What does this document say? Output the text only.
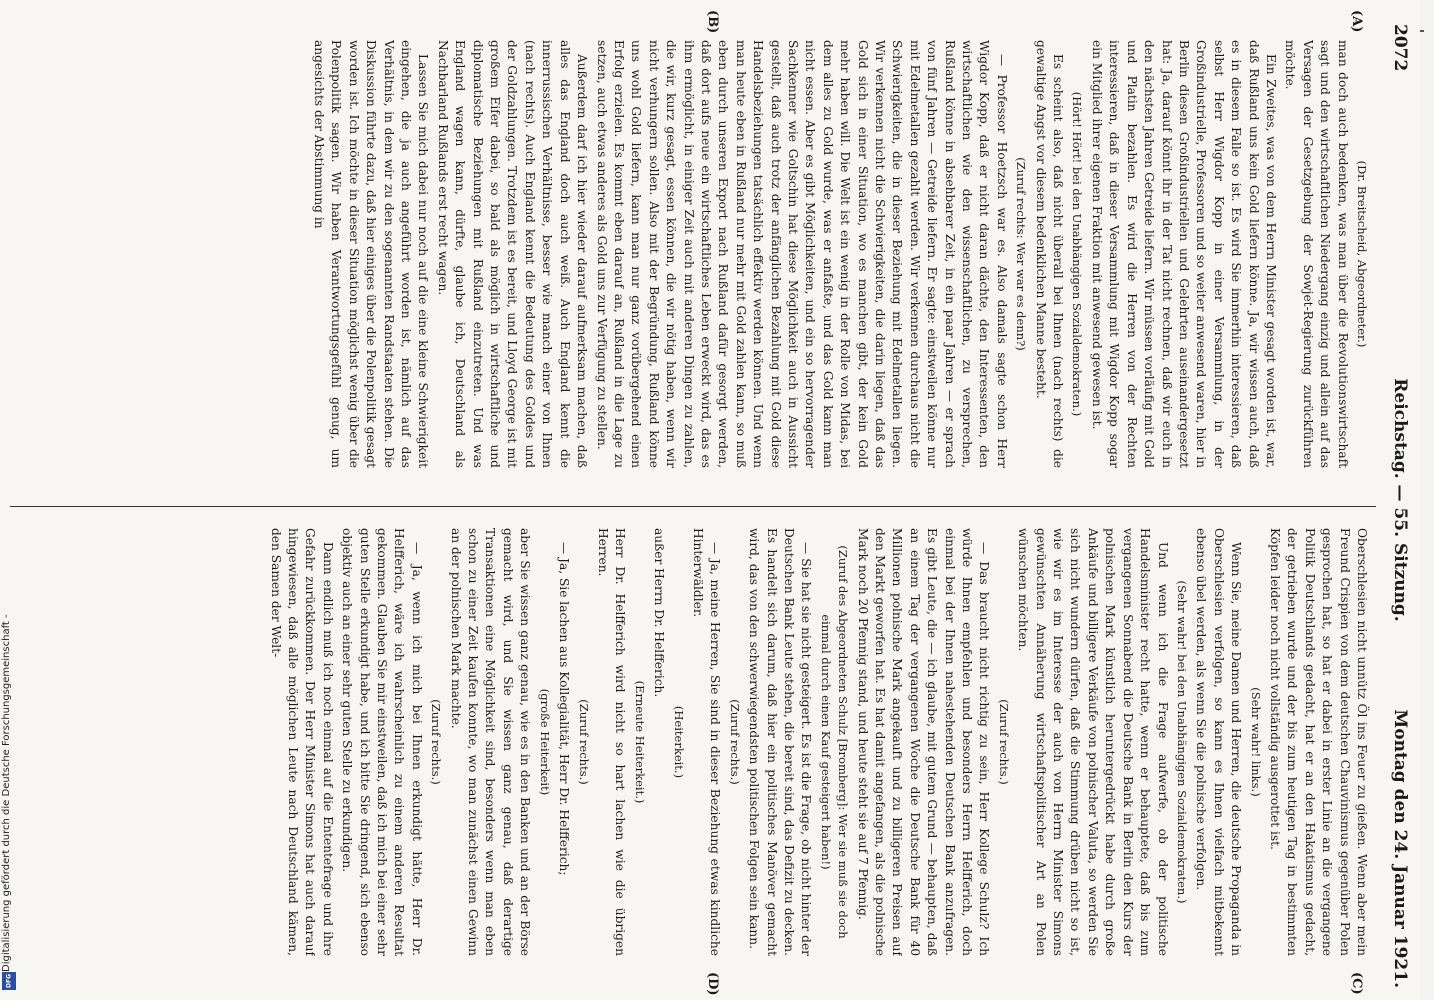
2072
Reichstag. — 55. Sitzung.
Montag den 24. Januar 1921.
(A)
(B)
(C)
(D)

(Dr. Breitscheid, Abgeordneter.)

man doch auch bedenken, was man über die Revolutionswirtschaft sagt und den wirtschaftlichen Niedergang einzig und allein auf das Versagen der Gesetzgebung der Sowjet-Regierung zurückführen möchte.

Ein Zweites, was von dem Herrn Minister gesagt worden ist, war, daß Rußland uns kein Gold liefern könne. Ja, wir wissen auch, daß es in diesem Falle so ist. Es wird Sie immerhin interessieren, daß selbst Herr Wigdor Kopp in einer Versammlung, in der Großindustrielle, Professoren und so weiter anwesend waren, hier in Berlin diesen Großindustriellen und Gelehrten auseinandergesetzt hat: Ja, darauf könnt ihr in der Tat nicht rechnen, daß wir euch in den nächsten Jahren Getreide liefern. Wir müssen vorläufig mit Gold und Platin bezahlen. Es wird die Herren von der Rechten interessieren, daß in dieser Versammlung mit Wigdor Kopp sogar ein Mitglied ihrer eigenen Fraktion mit anwesend gewesen ist.

(Hört! Hört! bei den Unabhängigen Sozialdemokraten.)

Es scheint also, daß nicht überall bei Ihnen (nach rechts) die gewaltige Angst vor diesem bedenklichen Manne besteht.

(Zuruf rechts: Wer war es denn?)

— Professor Hoetzsch war es. Also damals sagte schon Herr Wigdor Kopp, daß er nicht daran dächte, den Interessenten, den wirtschaftlichen wie den wissenschaftlichen, zu versprechen, Rußland könne in absehbarer Zeit, in ein paar Jahren — er sprach von fünf Jahren — Getreide liefern. Er sagte: einstweilen könne nur mit Edelmetallen gezahlt werden. Wir verkennen durchaus nicht die Schwierigkeiten, die in dieser Beziehung mit Edelmetallen liegen. Wir verkennen nicht die Schwierigkeiten, die darin liegen, daß das Gold sich in einer Situation, wo es manchen gibt, der kein Gold mehr haben will. Die Welt ist ein wenig in der Rolle von Midas, bei dem alles zu Gold wurde, was er anfaßte, und das Gold kann man nicht essen. Aber es gibt Möglichkeiten, und ein so hervorragender Sachkenner wie Goltschin hat diese Möglichkeit auch in Aussicht gestellt, daß auch trotz der anfänglichen Bezahlung mit Gold diese Handelsbeziehungen tatsächlich effektiv werden können. Und wenn man heute eben in Rußland nur mehr mit Gold zahlen kann, so muß eben durch unseren Export nach Rußland dafür gesorgt werden, daß dort aufs neue ein wirtschaftliches Leben erweckt wird, das es ihm ermöglicht, in einiger Zeit auch mit anderen Dingen zu zahlen, die wir, kurz gesagt, essen können, die wir nötig haben, wenn wir nicht verhungern sollen. Also mit der Begründung, Rußland könne uns wohl Gold liefern, kann man nur ganz vorübergehend einen Erfolg erzielen. Es kommt eben darauf an, Rußland in die Lage zu setzen, auch etwas anderes als Gold uns zur Verfügung zu stellen.

Außerdem darf ich hier wieder darauf aufmerksam machen, daß alles das England doch auch weiß. Auch England kennt die innerrussischen Verhältnisse, besser wie manch einer von Ihnen (nach rechts). Auch England kennt die Bedeutung des Goldes und der Goldzahlungen. Trotzdem ist es bereit, und Lloyd George ist mit großem Eifer dabei, so bald als möglich in wirtschaftliche und diplomatische Beziehungen mit Rußland einzutreten. Und was England wagen kann, dürfte, glaube ich, Deutschland als Nachbarland Rußlands erst recht wagen.

Lassen Sie mich dabei nur noch auf die eine kleine Schwierigkeit eingehen, die ja auch angeführt worden ist, nämlich auf das Verhältnis, in dem wir zu den sogenannten Randstaaten stehen. Die Diskussion führte dazu, daß hier einiges über die Polenpolitik gesagt worden ist. Ich möchte in dieser Situation möglichst wenig über die Polenpolitik sagen. Wir haben Verantwortungsgefühl genug, um angesichts der Abstimmung in

Oberschlesien nicht unnütz Öl ins Feuer zu gießen. Wenn aber mein Freund Crispien von dem deutschen Chauvinismus gegenüber Polen gesprochen hat, so hat er dabei in erster Linie an die vergangene Politik Deutschlands gedacht, hat er an den Hakatismus gedacht, der getrieben wurde und der bis zum heutigen Tag in bestimmten Köpfen leider noch nicht vollständig ausgerottet ist.

(Sehr wahr! links.)

Wenn Sie, meine Damen und Herren, die deutsche Propaganda in Oberschlesien verfolgen, so kann es Ihnen vielfach mitbekennt ebenso übel werden, als wenn Sie die polnische verfolgen.

(Sehr wahr! bei den Unabhängigen Sozialdemokraten.)

Und wenn ich die Frage aufwerfe, ob der politische Handelsminister recht hatte, wenn er behauptete, daß bis zum vergangenen Sonnabend die Deutsche Bank in Berlin den Kurs der polnischen Mark künstlich heruntergedrückt habe durch große Ankäufe und billigere Verkäufe von polnischer Valuta, so werden Sie sich nicht wundern dürfen, daß die Stimmung drüben nicht so ist, wie wir es im Interesse der auch von Herrn Minister Simons gewünschten Annäherung wirtschaftspolitischer Art an Polen wünschen möchten.

(Zuruf rechts.)

— Das braucht nicht richtig zu sein, Herr Kollege Schulz? Ich würde Ihnen empfehlen und besonders Herrn Helfferich, doch einmal bei der Ihnen nahestehenden Deutschen Bank anzufragen. Es gibt Leute, die — ich glaube, mit gutem Grund — behaupten, daß an einem Tag der vergangenen Woche die Deutsche Bank für 40 Millionen polnische Mark angekauft und zu billigeren Preisen auf den Markt geworfen hat. Es hat damit angefangen, als die polnische Mark noch 20 Pfennig stand, und heute steht sie auf 7 Pfennig.

(Zuruf des Abgeordneten Schulz [Bromberg]: Wer sie muß sie doch einmal durch einen Kauf gesteigert haben!)

— Sie hat sie nicht gesteigert. Es ist die Frage, ob nicht hinter der Deutschen Bank Leute stehen, die bereit sind, das Defizit zu decken. Es handelt sich darum, daß hier ein politisches Manöver gemacht wird, das von den schwerwiegendsten politischen Folgen sein kann.

(Zuruf rechts.)

— Ja, meine Herren, Sie sind in dieser Beziehung etwas kindliche Hinterwäldler.

(Heiterkeit.)

außer Herrn Dr. Helfferich.

(Erneute Heiterkeit.)

Herr Dr. Helfferich wird nicht so hart lachen wie die übrigen Herren.

(Zuruf rechts.)

— Ja, Sie lachen aus Kollegialität, Herr Dr. Helfferich;

(große Heiterkeit)

aber Sie wissen ganz genau, wie es in den Banken und an der Börse gemacht wird, und Sie wissen ganz genau, daß derartige Transaktionen eine Möglichkeit sind, besonders wenn man eben schon zu einer Zeit kaufen konnte, wo man zunächst einen Gewinn an der polnischen Mark machte.

(Zuruf rechts.)

— Ja, wenn ich mich bei Ihnen erkundigt hätte, Herr Dr. Helfferich, wäre ich wahrscheinlich zu einem anderen Resultat gekommen. Glauben Sie mir einstweilen, daß ich mich bei einer sehr guten Stelle erkundigt habe, und ich bitte Sie dringend, sich ebenso objektiv auch an einer sehr guten Stelle zu erkundigen.

Dann endlich muß ich noch einmal auf die Ententefrage und ihre Gefahr zurückkommen. Der Herr Minister Simons hat auch darauf hingewiesen, daß alle möglichen Leute nach Deutschland kämen, den Samen der Welt-

Digitalisierung gefördert durch die Deutsche Forschungsgemeinschaft -
DFG
